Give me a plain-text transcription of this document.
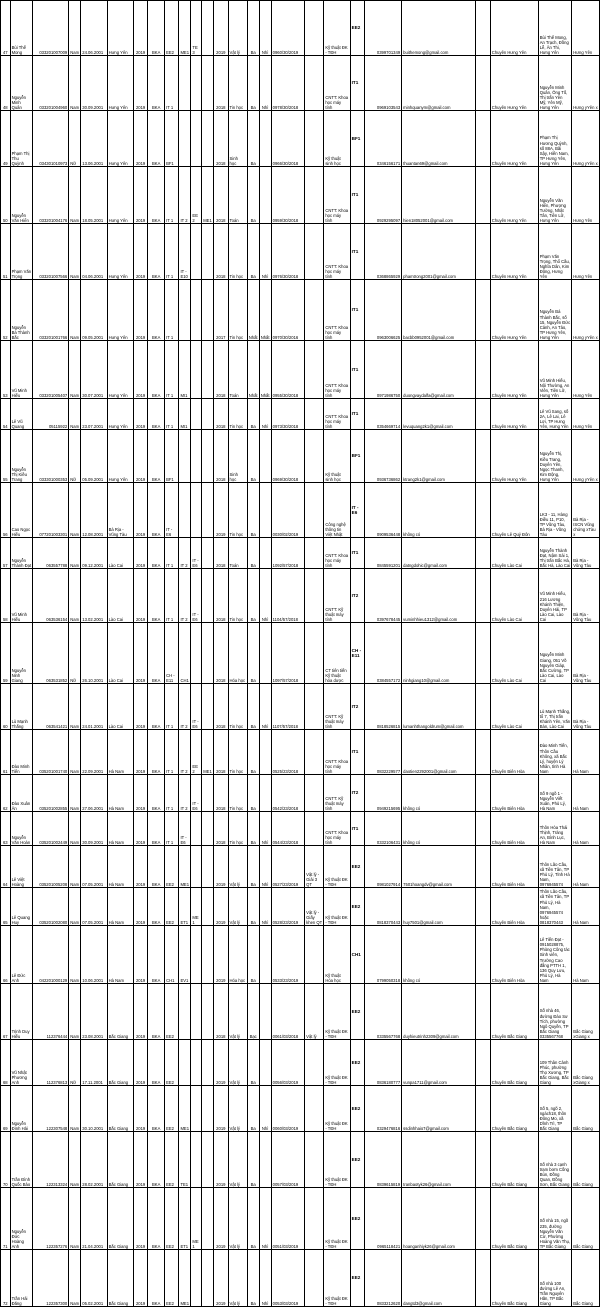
47	Bùi Thế Mong	033201007009	Nam	24.06.2001	Hưng Yên	2019	BKA	EE2	ME1	TE 3		2019	Vật lý	Ba	Nhì	0960/30/2019		Kỹ thuật ĐK - TĐH	EE2	0399701349	buithemong@gmail.com		Chuyên Hưng Yên	Bùi Thế Mong, An Trạch, Đồng Lễ, Ân Thi, Hưng Yên	Hưng Yên
48	Nguyễn Minh Quân	033201004960	Nam	30.09.2001	Hưng Yên	2019	BKA	IT 1				2018	Tin học	Ba	Nhì	0978/30/2018		CNTT: Khoa học máy tính	IT1	0969103543	minhquanym@gmail.com		Chuyên Hưng Yên	Nguyễn Minh Quân, Ông Tố, Thị trấn Yên Mỹ, Yên Mỹ, Hưng Yên	Hưng yYên x
49	Phạm Thị Thu Quỳnh	034301010973	Nữ	13.06.2001	Hưng Yên	2019	BKA	BF1				2018	Sinh học	Ba		0966/30/2018		Kỹ thuật sinh học	BF1	0346156171	thuantan69@gmail.com		Chuyên Hưng Yên	Phạm Thị Hương Quỳnh, số 88A, Bãi Sậy, Hiến Nam, TP Hưng Yên, Hưng Yên	Hưng yYên x
50	Nguyễn Văn Hiển	033201004176	Nam	18.05.2001	Hưng Yên	2019	BKA	IT 1	IT 2	EE2	ME1	2018	Toán	Ba		0959/30/2018		CNTT: Khoa học máy tính	IT1	0929295097	hien18052001@gmail.com		Chuyên Hưng Yên	Nguyễn Văn Hiển, Phượng Tường, Nhật Tân, Tiên Lữ, Hưng Yên	Hưng Yên
51	Phạm Văn Trọng	033201007566	Nam	04.06.2001	Hưng Yên	2019	BKA	IT 1	IT - E10			2018	Tin học	Ba	Nhì	0976/30/2018		CNTT: Khoa học máy tính	IT1	0368865929	phamtrong2001@gmail.com		Chuyên Hưng Yên	Phạm Văn Trọng, Thổ Cầu, Nghĩa Dân, Kim Động, Hưng Yên	Hưng Yên
52	Nguyễn Bá Thành Bắc	033201001766	Nam	09.05.2001	Hưng Yên	2019	BKA	IT 1				2017	Tin học	Nhất	Nhất	0970/30/2016		CNTT: Khoa học máy tính	IT1	0963006625	bacbb0952001@gmail.com		Chuyên Hưng Yên	Nguyễn Bá Thành Bắc, số 15, Nguyễn Đức Cảnh, An Tảo, TP Hưng Yên, Hưng Yên	Hưng yYên x
53	Vũ Minh Hiếu	033201005407	Nam	30.07.2001	Hưng Yên	2019	BKA	IT 1	MI1			2018	Toán	Nhất	Nhất	0955/30/2018		CNTT: Khoa học máy tính	IT1	0971986750	duongvaydalfa@gmail.com		Chuyên Hưng Yên	Vũ Minh Hiếu, Nội Thường, An Viên, Tiên Lữ, Hưng Yên	Hưng Yên
54	Lê Vũ Quang	05115922	Nam	23.07.2001	Hưng Yên	2019	BKA	IT 1	MI1			2018	Tin học	Ba	Nhì	0973/30/2018		CNTT: Khoa học máy tính	IT1	0354669714	levuquang2k1@gmail.com		Chuyên Hưng Yên	Lê Vũ Sang, số 2A, Lê Lai, Lê Lợi, TP Hưng Yên, Hưng Yên	Hưng Yên
55	Nguyễn Thị Kiều Trang	033301000353	Nữ	05.09.2001	Hưng Yên	2019	BKA	BF1				2018	Sinh học	Ba		0969/30/2018		Kỹ thuật sinh học	BF1	0936736862	ktrang2k1@gmail.com		Chuyên Hưng Yên	Nguyễn Thị, Kiều Trang, Duyên Yên, Ngọc Thanh, Kim Động, Hưng Yên	Hưng yYên x
56	Cao Ngọc Hiếu	077201003301	Nam	12.08.2001	Bà Rịa - Vũng Tàu	2019	BKA	IT - E6				2019	Tin học	Ba		0030/02/2019		Công nghệ thông tin Việt Nhật	IT - E6	0909536448	không có		Chuyên Lê Quý Đôn	LK3 - 11, Hàng Điều 11, P10, TP Vũng Tàu, Bà Rịa - Vũng Tàu	Bà Rịa - ISCN Vũng chứng xTàu x
57	Nguyễn Thành Đạt	063557788	Nam	09.12.2001	Lào Cai	2019	BKA	IT 1	IT 2	IT - E6		2018	Toán	Ba		1092/57/2018		CNTT: Khoa học máy tính	IT1	0845591201	datngdohic@gmail.com		Chuyên Lào Cai	Nguyễn Thành Đạt, Nậm Sài 1, Thị trấn Bắc Hà, Bắc Hà, Lào Cai	Bà Rịa - Vũng Tàu
58	Vũ Minh Hiếu	063536154	Nam	13.02.2001	Lào Cai	2019	BKA	IT 1	IT 2	IT - E6		2018	Tin học	Ba	Nhì	1104/57/2018		CNTT: Kỹ thuật máy tính	IT2	0397678445	vuminhhieu1312@gmail.com		Chuyên Lào Cai	Vũ Minh Hiếu, 216 Lương Khánh Thiện, Duyên Hải, TP Lào Cai, Lào Cai	Bà Rịa - Vũng Tàu
59	Nguyễn Ninh Giang	063531852	Nữ	26.10.2001	Lào Cai	2019	BKA	CH - E11	CH1			2018	Hóa học	Ba		1097/57/2018		CT tiên tiến Kỹ thuật hóa dược	CH - E11	0384557172	ninhgiang10@gmail.com		Chuyên Lào Cai	Nguyễn Minh Giang, 051 Võ Nguyên Giáp, Bắc Cường, TP Lào Cai, Lào Cai	Bà Rịa - Vũng Tàu
60	Lù Mạnh Thắng	063541421	Nam	24.01.2001	Lào Cai	2019	BKA	IT 1	IT 2	IT - E6		2018	Tin học	Ba	Nhì	1107/57/2018		CNTT: Kỹ thuật máy tính	IT2	0818526815	lumanhthangoldrum@gmail.com		Chuyên Lào Cai	Lù Mạnh Thắng, tổ 7, Thị trấn Khánh Yên, Văn Bàn, Lào Cai	Bà Rịa - Vũng Tàu
61	Đào Minh Tiến	035201001740	Nam	22.09.2001	Hà Nam	2019	BKA	IT 1	IT 2	EE2	ME1	2018	Tin học	Ba		0525/23/2018		CNTT: Khoa học máy tính	IT1	0832229577	daotien2292001@gmail.com		Chuyên Biên Hòa	Đào Minh Tiến, Thôn Cầu Không, xã Bắc Lý, huyện Lý Nhân, tỉnh Hà Nam	Hà Nam
62	Đào Xuân Ân	035201002855	Nam	27.06.2001	Hà Nam	2019	BKA	IT 1	IT 2	IT - E6		2018	Tin học	Ba		0542/23/2018		CNTT: Kỹ thuật máy tính	IT2	0949215695	không có		Chuyên Biên Hòa	Số 9 ngõ 1 - Nguyễn Viết Xuân, Phủ Lý, Hà Nam	Hà Nam
63	Nguyễn Văn Hoàn	035201002449	Nam	30.09.2001	Hà Nam	2019	BKA	IT 1	IT - E6			2018	Tin học	Ba	Nhì	0544/23/2018		CNTT: Khoa học máy tính	IT1	0332106431	không có		Chuyên Biên Hòa	Thôn Hòa Thái Thịnh, Tràng An, Bình Lục, Hà Nam	Hà Nam
64	Lê Việt Hoàng	035201005208	Nam	07.05.2001	Hà Nam	2019	BKA	EE2	ME1			2019	Vật lý	Ba	Nhì	0527/23/2019	Vật lý - Giải 3 QT	Kỹ thuật ĐK - TĐH	EE2	0981027914	7501hoangdv@gmail.com		Chuyên Biên Hòa	Thôn Lão Cầu, xã Tiên Tân, TP Phủ Lý, Tỉnh Hà Nam, 0976945574	Hà Nam
65	Lê Quang Huy	035201002080	Nam	07.05.2001	Hà Nam	2019	BKA	EE2	ET1	ME1		2019	Vật lý	Ba	Nhì	0528/23/2019	Vật lý - Giấy khen QT	Kỹ thuật ĐK - TĐH	EE2	0818370443	huy7501@gmail.com		Chuyên Biên Hòa	Thôn Lão Cầu, xã Tiên Tân, TP Phủ Lý, Hà Nam, 0976945574 hoặc 0818370443	Hà Nam
66	Lê Đức Anh	042201000129	Nam	10.06.2001	Hà Nam	2019	BKA	CH1	EV1			2019	Hóa học	Ba		0533/23/2019		Kỹ thuật Hóa học	CH1	0799050318	không có		Chuyên Biên Hòa	Lê Tiến Đạt - 0915028875, Phòng Công tác Sinh viên, Trường Cao đẳng PTTH 1, 136 Quy Lưu, Phủ Lý, Hà Nam	Hà Nam
67	Trịnh Duy Hiếu	112376444	Nam	23.08.2001	Bắc Giang	2019	BKA	EE2				2018	Vật lý	Bạc		0061/03/2018	Vật lý	Kỹ thuật ĐK - TĐH	EE2	0335567768	duyhieutrinh2309@gmail.com		Chuyên Bắc Giang	Số nhà 46, đường Đào Sư Tích, phường Ngô Quyền, TP Bắc Giang 0335567768	Bắc Giang xGiang x
68	Vũ Nhật Phương Anh	112376813	Nữ	17.11.2001	Bắc Giang	2019	BKA	EE2				2019	Vật lý	Ba		0056/03/2019		Kỹ thuật ĐK - TĐH	EE2	0836180777	vunpa1711@gmail.com		Chuyên Bắc Giang	109 Thân Cảnh Phúc, phường Thọ Xương, TP Bắc Giang, Bắc Giang	Bắc Giang xGiang x
69	Nguyễn Đình Hải	122307548	Nam	30.10.2001	Bắc Giang	2019	BKA	EE2	ME1			2019	Vật lý	Ba	Nhì	0060/03/2019		Kỹ thuật ĐK - TĐH	EE2	0329476816	ssdinhhaio7@gmail.com		Chuyên Bắc Giang	Số 5, ngõ 2, ngách18, thôn Đông Mo, xã Dĩnh Trì, TP Bắc Giang	Bắc Giang
70	Trần Đình Quốc Bảo	122313324	Nam	28.02.2001	Bắc Giang	2019	BKA	EE2	TE1			2019	Vật lý	Ba		0057/03/2019		Kỹ thuật ĐK - TĐH	EE2	0839615819	tranbaotyk26@gmail.com		Chuyên Bắc Giang	Số nhà 3 cạnh trạm bơm Cống Bún, Đồng Quan, Đồng Sơn, Bắc Giang	Bắc Giang
71	Nguyễn Đức Hoàng Anh	122357276	Nam	21.04.2001	Bắc Giang	2019	BKA	EE2	ET1	ME1		2019	Vật lý	Ba	Nhì	0051/03/2019		Kỹ thuật ĐK - TĐH	EE2	0965118421	hoanganhiyk26@gmail.com		Chuyên Bắc Giang	Số nhà 15, ngõ 235, đường Nguyễn Văn Cừ, Phường Hoàng Văn Thụ, TP Bắc Giang	Bắc Giang
72	Trần Hải Đăng	122357300	Nam	05.02.2001	Bắc Giang	2019	BKA	EE2	ME1			2019	Vật lý	Ba	Nhì	0053/03/2019		Kỹ thuật ĐK - TĐH	EE2	0833212620	dangtd3@gmail.com		Chuyên Bắc Giang	Số nhà 100 đường Lê An, Trần Nguyên Hãn, TP Bắc Giang	Bắc Giang
